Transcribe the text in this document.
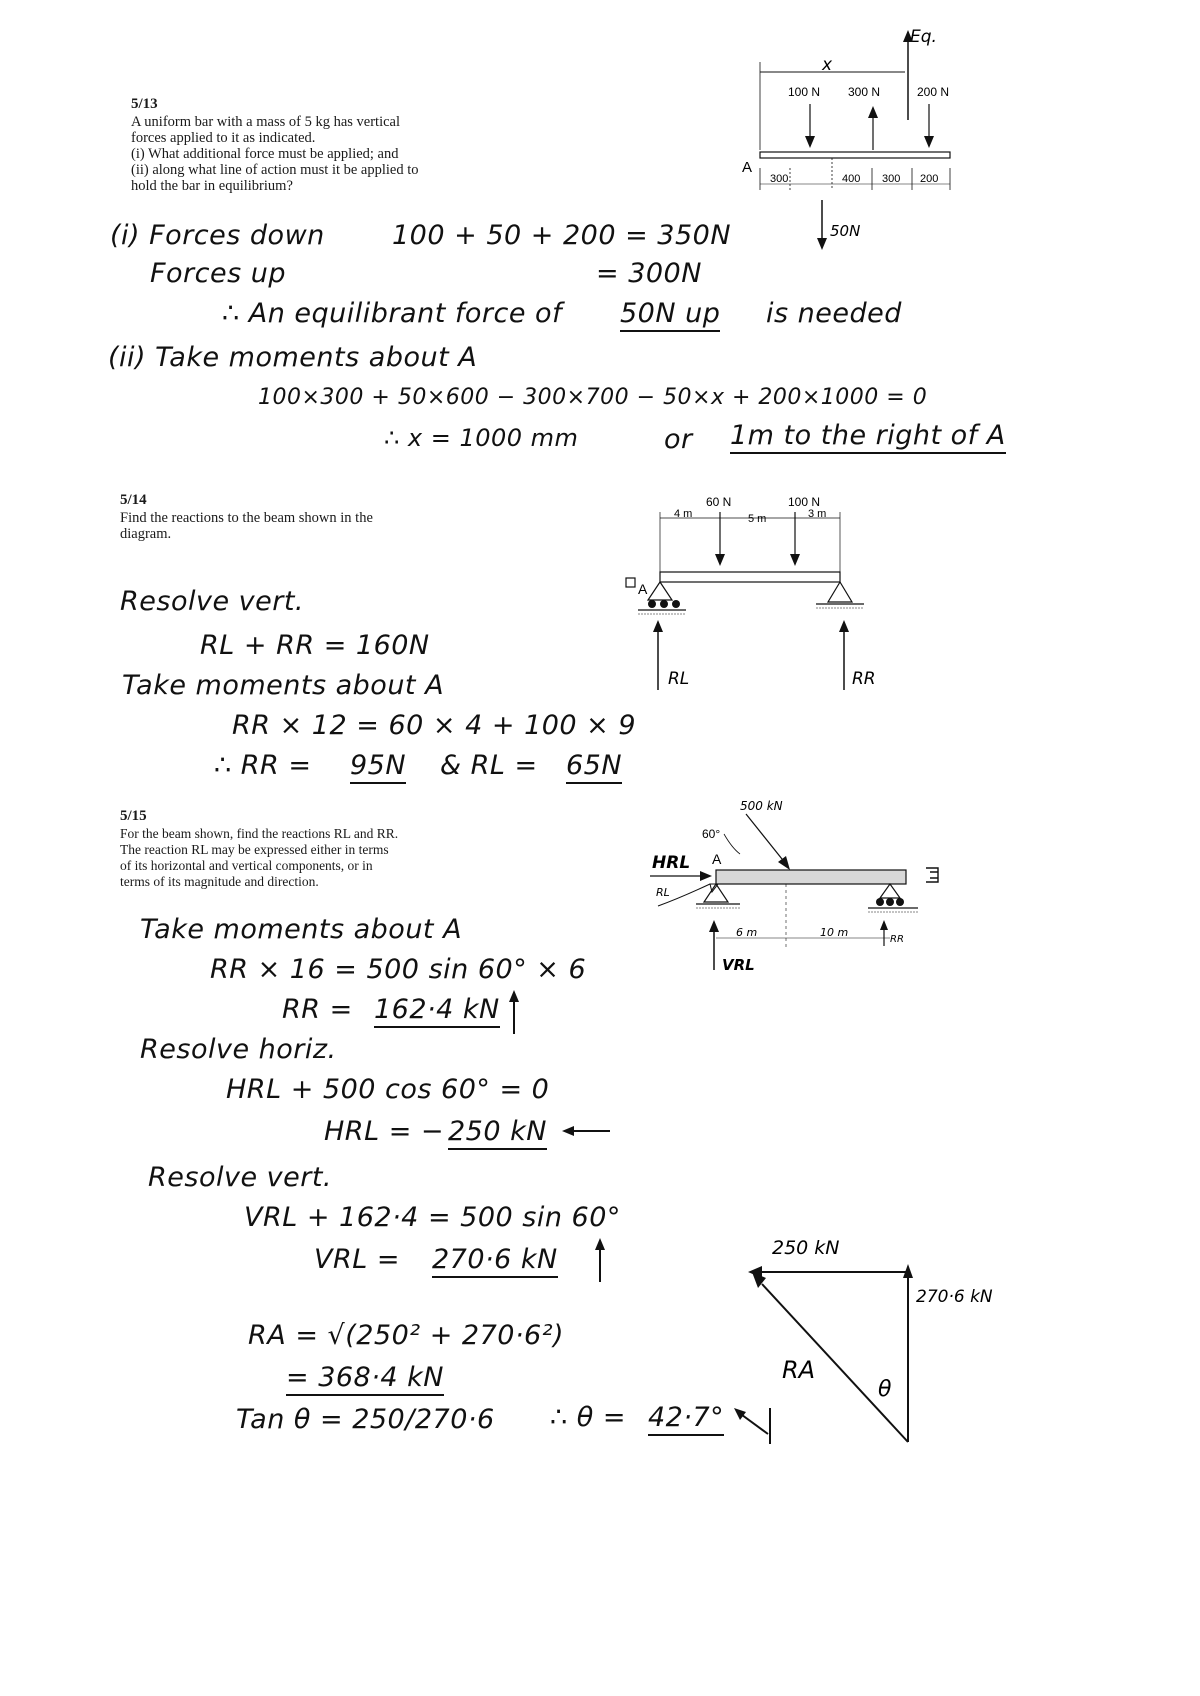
5/13
A uniform bar with a mass of 5 kg has vertical
forces applied to it as indicated.
(i) What additional force must be applied; and
(ii) along what line of action must it be applied to
hold the bar in equilibrium?
Eq.
x
100 N 300 N	200 N
A
300	400 300 200
50N
(i) Forces down 100 + 50 + 200 = 350N
Forces up	= 300N
∴ An equilibrant force of 50N up is needed
(ii) Take moments about A
100×300 + 50×600 − 300×700 − 50×x + 200×1000 = 0
∴ x = 1000 mm	or 1m to the right of A
5/14
Find the reactions to the beam shown in the
diagram.
60 N	100 N
4 m	5 m	3 m
A
RL	RR
Resolve vert.
RL + RR = 160N
Take moments about A
RR × 12 = 60 × 4 + 100 × 9
∴ RR = 95N & RL = 65N
5/15
For the beam shown, find the reactions RL and RR.
The reaction RL may be expressed either in terms
of its horizontal and vertical components, or in
terms of its magnitude and direction.
500 kN
60°
HRL A
RL
6 m	10 m
RR
VRL
Take moments about A
RR × 16 = 500 sin 60° × 6
RR = 162·4 kN
Resolve horiz.
HRL + 500 cos 60° = 0
HRL = − 250 kN
Resolve vert.
VRL + 162·4 = 500 sin 60°
VRL = 270·6 kN
RA = √(250² + 270·6²)
= 368·4 kN
Tan θ = 250/270·6 ∴ θ = 42·7°
250 kN
270·6 kN
RA
θ
